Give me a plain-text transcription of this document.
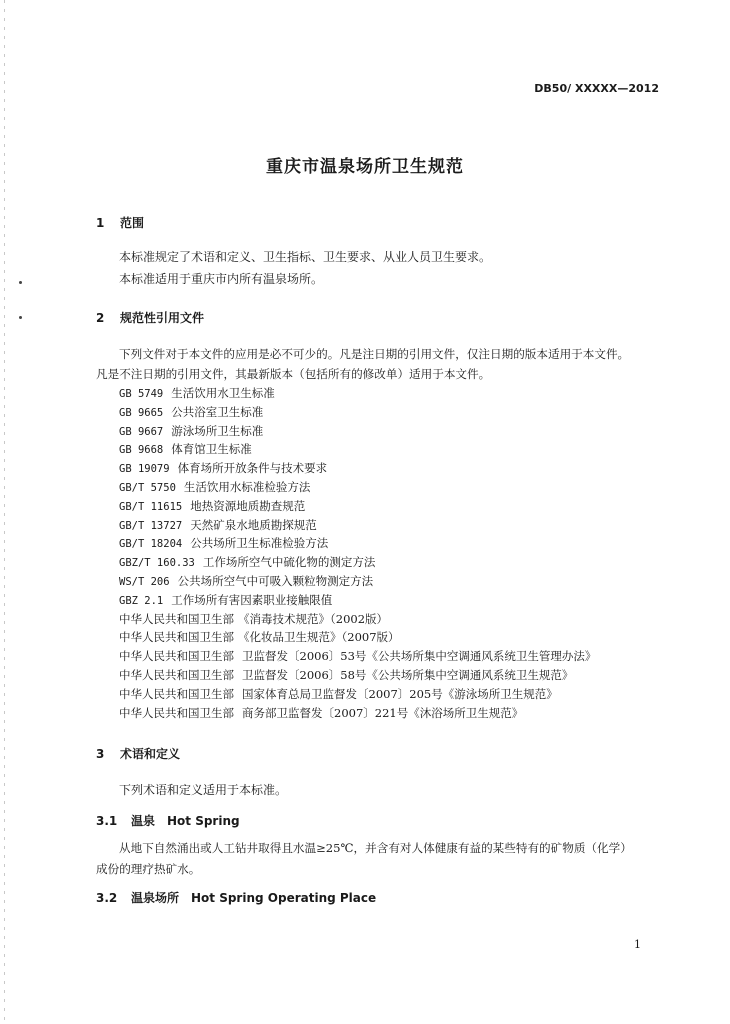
DB50/ XXXXX—2012
重庆市温泉场所卫生规范
1 范围
本标准规定了术语和定义、卫生指标、卫生要求、从业人员卫生要求。
本标准适用于重庆市内所有温泉场所。
2 规范性引用文件
下列文件对于本文件的应用是必不可少的。凡是注日期的引用文件，仅注日期的版本适用于本文件。
凡是不注日期的引用文件，其最新版本（包括所有的修改单）适用于本文件。
GB 5749 生活饮用水卫生标准
GB 9665 公共浴室卫生标准
GB 9667 游泳场所卫生标准
GB 9668 体育馆卫生标准
GB 19079 体育场所开放条件与技术要求
GB/T 5750 生活饮用水标准检验方法
GB/T 11615 地热资源地质勘查规范
GB/T 13727 天然矿泉水地质勘探规范
GB/T 18204 公共场所卫生标准检验方法
GBZ/T 160.33 工作场所空气中硫化物的测定方法
WS/T 206 公共场所空气中可吸入颗粒物测定方法
GBZ 2.1 工作场所有害因素职业接触限值
中华人民共和国卫生部 《消毒技术规范》（2002版）
中华人民共和国卫生部 《化妆品卫生规范》（2007版）
中华人民共和国卫生部 卫监督发〔2006〕53号《公共场所集中空调通风系统卫生管理办法》
中华人民共和国卫生部 卫监督发〔2006〕58号《公共场所集中空调通风系统卫生规范》
中华人民共和国卫生部 国家体育总局卫监督发〔2007〕205号《游泳场所卫生规范》
中华人民共和国卫生部 商务部卫监督发〔2007〕221号《沐浴场所卫生规范》
3 术语和定义
下列术语和定义适用于本标准。
3.1 温泉　Hot Spring
从地下自然涌出或人工钻井取得且水温≥25℃，并含有对人体健康有益的某些特有的矿物质（化学）
成份的理疗热矿水。
3.2 温泉场所　Hot Spring Operating Place
1
